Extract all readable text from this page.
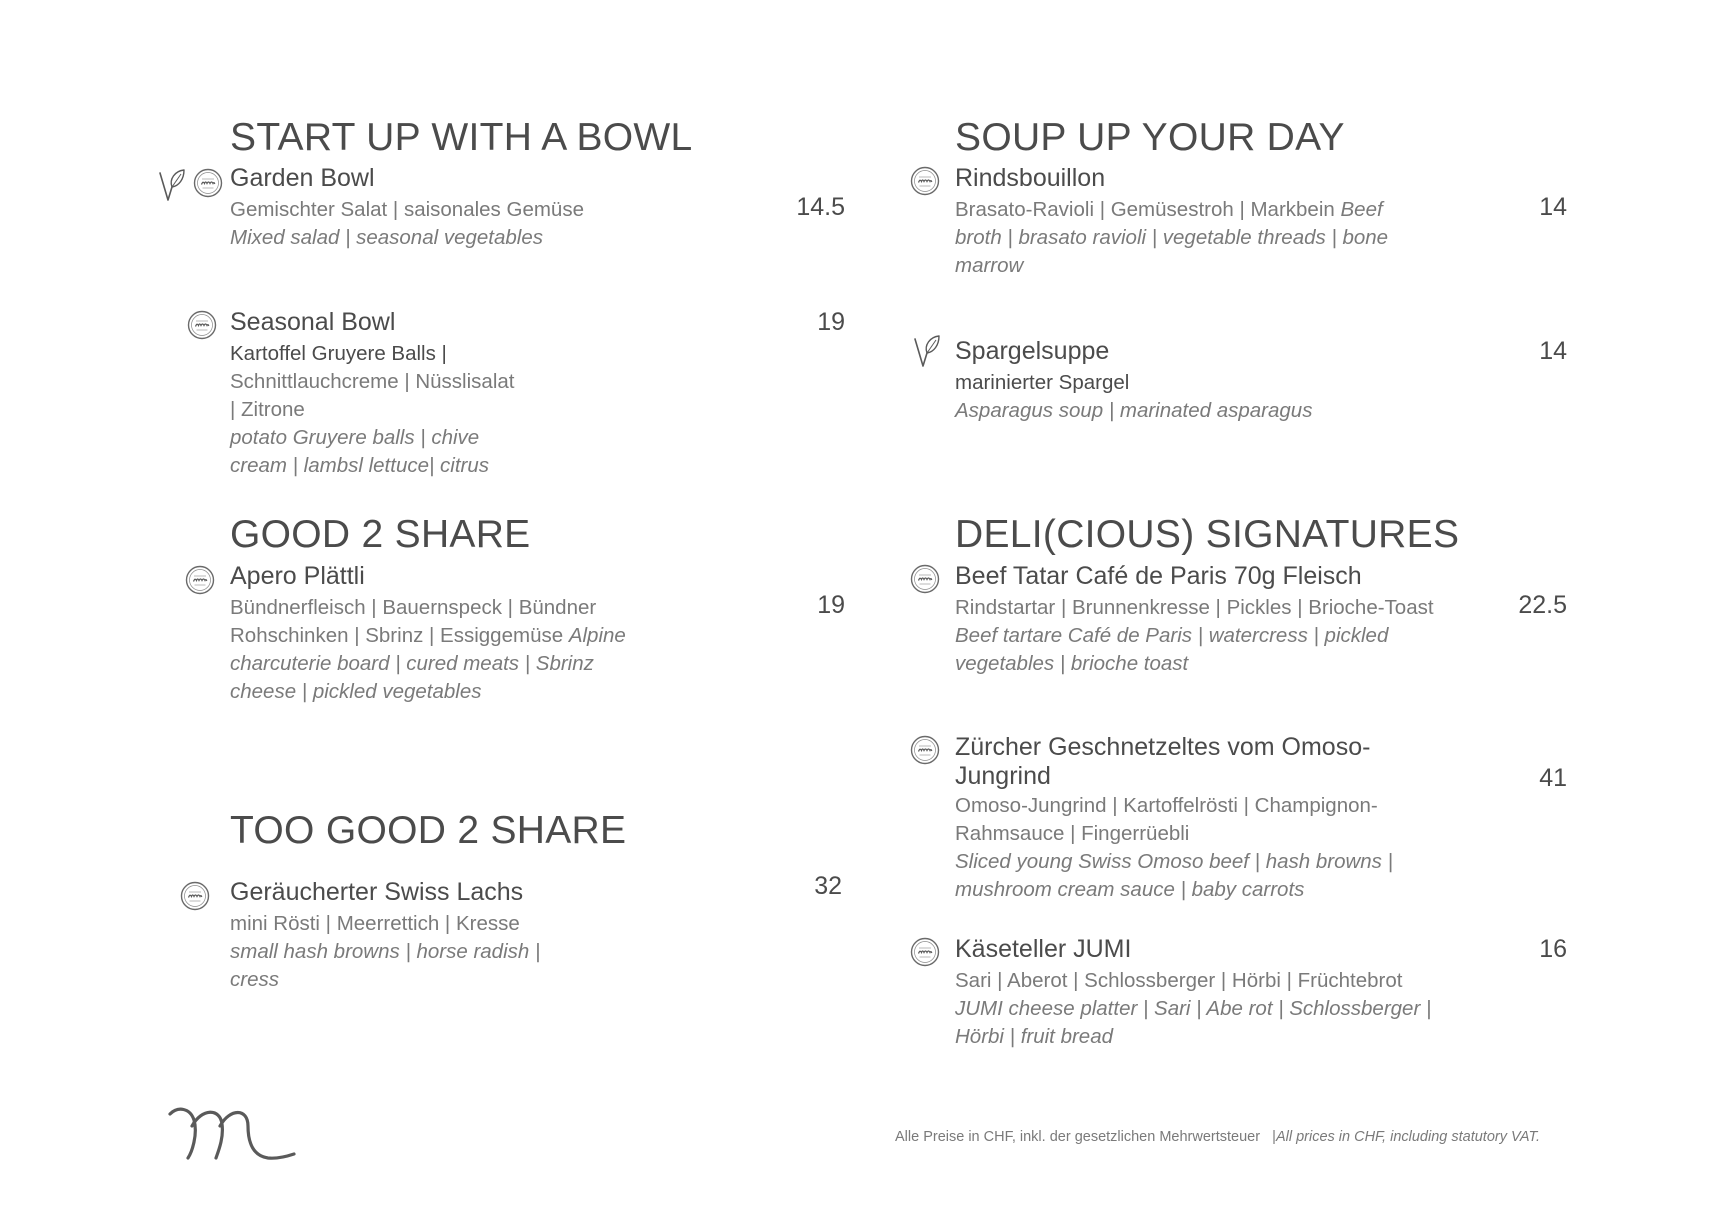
START UP WITH A BOWL
Garden Bowl
Gemischter Salat | saisonales Gemüse
Mixed salad | seasonal vegetables
14.5
Seasonal Bowl
Kartoffel Gruyere Balls |
Schnittlauchcreme | Nüsslisalat
| Zitrone
potato Gruyere balls | chive
cream | lambsl lettuce| citrus
19
GOOD 2 SHARE
Apero Plättli
Bündnerfleisch | Bauernspeck | Bündner
Rohschinken | Sbrinz | Essiggemüse Alpine
charcuterie board | cured meats | Sbrinz
cheese | pickled vegetables
19
TOO GOOD 2 SHARE
Geräucherter Swiss Lachs
mini Rösti | Meerrettich | Kresse
small hash browns | horse radish |
cress
32
SOUP UP YOUR DAY
Rindsbouillon
Brasato-Ravioli | Gemüsestroh | Markbein Beef
broth | brasato ravioli | vegetable threads | bone
marrow
14
Spargelsuppe
marinierter Spargel
Asparagus soup | marinated asparagus
14
DELI(CIOUS) SIGNATURES
Beef Tatar Café de Paris 70g Fleisch
Rindstartar | Brunnenkresse | Pickles | Brioche-Toast
Beef tartare Café de Paris | watercress | pickled
vegetables | brioche toast
22.5
Zürcher Geschnetzeltes vom Omoso-
Jungrind
Omoso-Jungrind | Kartoffelrösti | Champignon-
Rahmsauce | Fingerrüebli
Sliced young Swiss Omoso beef | hash browns |
mushroom cream sauce | baby carrots
41
Käseteller JUMI
Sari | Aberot | Schlossberger | Hörbi | Früchtebrot
JUMI cheese platter | Sari | Abe rot | Schlossberger |
Hörbi | fruit bread
16
Alle Preise in CHF, inkl. der gesetzlichen Mehrwertsteuer |All prices in CHF, including statutory VAT.
